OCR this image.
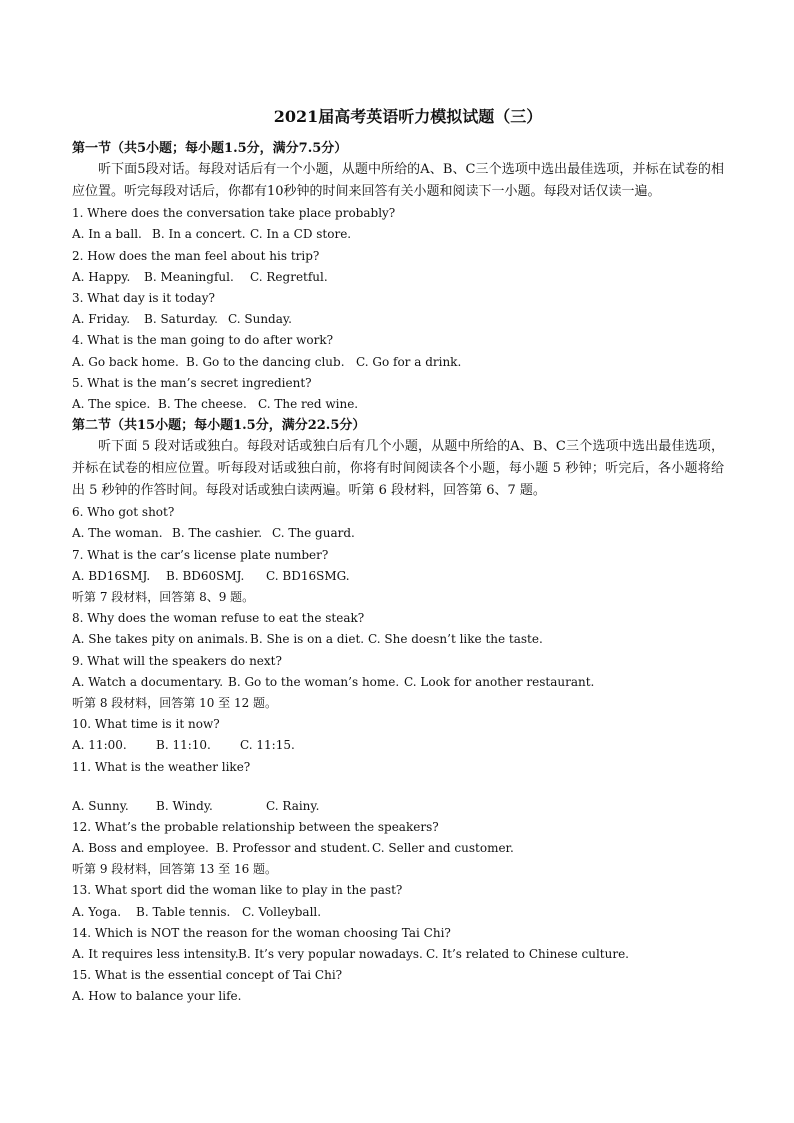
2021届高考英语听力模拟试题（三）
第一节（共5小题；每小题1.5分，满分7.5分）
听下面5段对话。每段对话后有一个小题，从题中所给的A、B、C三个选项中选出最佳选项，并标在试卷的相应位置。听完每段对话后，你都有10秒钟的时间来回答有关小题和阅读下一小题。每段对话仅读一遍。
1. Where does the conversation take place probably?
A. In a ball. B. In a concert. C. In a CD store.
2. How does the man feel about his trip?
A. Happy. B. Meaningful. C. Regretful.
3. What day is it today?
A. Friday. B. Saturday. C. Sunday.
4. What is the man going to do after work?
A. Go back home. B. Go to the dancing club. C. Go for a drink.
5. What is the man’s secret ingredient?
A. The spice. B. The cheese. C. The red wine.
第二节（共15小题；每小题1.5分，满分22.5分）
听下面 5 段对话或独白。每段对话或独白后有几个小题，从题中所给的A、B、C三个选项中选出最佳选项，并标在试卷的相应位置。听每段对话或独白前，你将有时间阅读各个小题，每小题 5 秒钟；听完后，各小题将给出 5 秒钟的作答时间。每段对话或独白读两遍。听第 6 段材料，回答第 6、7 题。
6. Who got shot?
A. The woman. B. The cashier. C. The guard.
7. What is the car’s license plate number?
A. BD16SMJ. B. BD60SMJ. C. BD16SMG.
听第 7 段材料，回答第 8、9 题。
8. Why does the woman refuse to eat the steak?
A. She takes pity on animals. B. She is on a diet. C. She doesn’t like the taste.
9. What will the speakers do next?
A. Watch a documentary. B. Go to the woman’s home. C. Look for another restaurant.
听第 8 段材料，回答第 10 至 12 题。
10. What time is it now?
A. 11:00. B. 11:10. C. 11:15.
11. What is the weather like?
A. Sunny. B. Windy.	C. Rainy.
12. What’s the probable relationship between the speakers?
A. Boss and employee. B. Professor and student. C. Seller and customer.
听第 9 段材料，回答第 13 至 16 题。
13. What sport did the woman like to play in the past?
A. Yoga. B. Table tennis. C. Volleyball.
14. Which is NOT the reason for the woman choosing Tai Chi?
A. It requires less intensity.B. It’s very popular nowadays. C. It’s related to Chinese culture.
15. What is the essential concept of Tai Chi?
A. How to balance your life.
